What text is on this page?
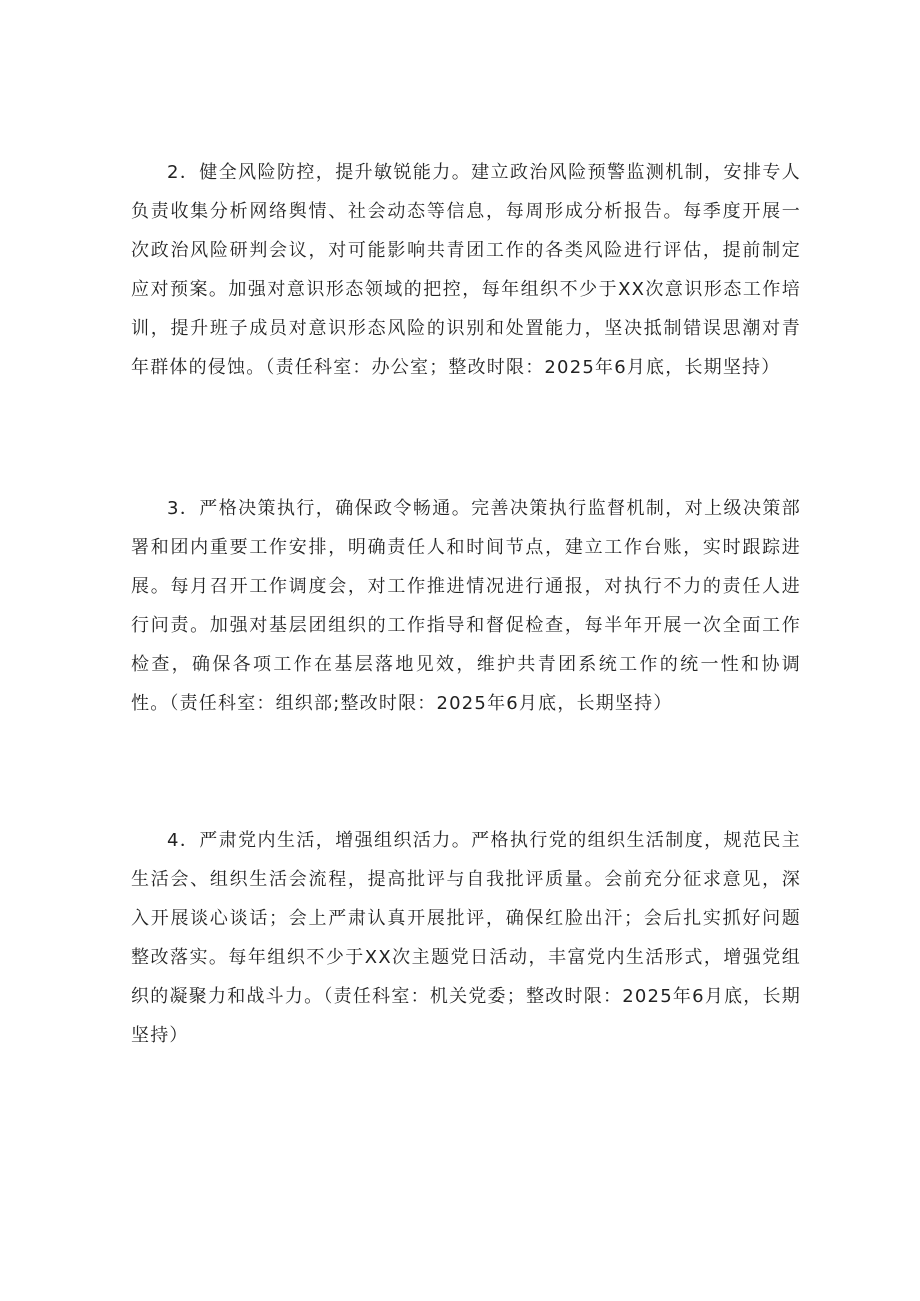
2．健全风险防控，提升敏锐能力。建立政治风险预警监测机制，安排专人负责收集分析网络舆情、社会动态等信息，每周形成分析报告。每季度开展一次政治风险研判会议，对可能影响共青团工作的各类风险进行评估，提前制定应对预案。加强对意识形态领域的把控，每年组织不少于XX次意识形态工作培训，提升班子成员对意识形态风险的识别和处置能力，坚决抵制错误思潮对青年群体的侵蚀。（责任科室：办公室；整改时限：2025年6月底，长期坚持）

3．严格决策执行，确保政令畅通。完善决策执行监督机制，对上级决策部署和团内重要工作安排，明确责任人和时间节点，建立工作台账，实时跟踪进展。每月召开工作调度会，对工作推进情况进行通报，对执行不力的责任人进行问责。加强对基层团组织的工作指导和督促检查，每半年开展一次全面工作检查，确保各项工作在基层落地见效，维护共青团系统工作的统一性和协调性。（责任科室：组织部;整改时限：2025年6月底，长期坚持）

4．严肃党内生活，增强组织活力。严格执行党的组织生活制度，规范民主生活会、组织生活会流程，提高批评与自我批评质量。会前充分征求意见，深入开展谈心谈话；会上严肃认真开展批评，确保红脸出汗；会后扎实抓好问题整改落实。每年组织不少于XX次主题党日活动，丰富党内生活形式，增强党组织的凝聚力和战斗力。（责任科室：机关党委；整改时限：2025年6月底，长期坚持）
